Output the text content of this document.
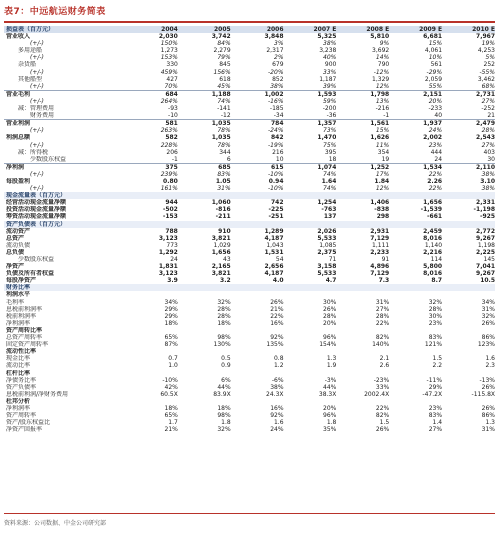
表7：中远航运财务简表
损益表（百万元）	2004	2005	2006	2007 E	2008 E	2009 E	2010 E
营业收入	2,030	3,742	3,848	5,325	5,810	6,681	7,967
(+/-)	150%	84%	3%	38%	9%	15%	19%
多用途船	1,273	2,279	2,317	3,238	3,692	4,061	4,253
(+/-)	153%	79%	2%	40%	14%	10%	5%
杂货船	330	845	679	900	790	561	252
(+/-)	459%	156%	-20%	33%	-12%	-29%	-55%
其他船型	427	618	852	1,187	1,329	2,059	3,462
(+/-)	70%	45%	38%	39%	12%	55%	68%
营业毛利	684	1,188	1,002	1,593	1,798	2,151	2,731
(+/-)	264%	74%	-16%	59%	13%	20%	27%
减：管理费用	-93	-141	-185	-200	-216	-233	-252
财务费用	-10	-12	-34	-36	-1	40	21
营业利润	581	1,035	784	1,357	1,561	1,937	2,479
(+/-)	263%	78%	-24%	73%	15%	24%	28%
利润总额	582	1,035	842	1,470	1,626	2,002	2,543
(+/-)	228%	78%	-19%	75%	11%	23%	27%
减：所得税	206	344	216	395	354	444	403
少数股东权益	-1	6	10	18	19	24	30
净利润	375	685	615	1,074	1,252	1,534	2,110
(+/-)	239%	83%	-10%	74%	17%	22%	38%
每股盈利	0.80	1.05	0.94	1.64	1.84	2.26	3.10
(+/-)	161%	31%	-10%	74%	12%	22%	38%
现金流量表（百万元）							
经营活动现金流量净额	944	1,060	742	1,254	1,406	1,656	2,331
投资活动现金流量净额	-502	-816	-225	-763	-838	-1,539	-1,198
筹资活动现金流量净额	-153	-211	-251	137	298	-661	-925
资产负债表（百万元）							
流动资产	788	910	1,289	2,026	2,931	2,459	2,772
总资产	3,123	3,821	4,187	5,533	7,129	8,016	9,267
流动负债	773	1,029	1,043	1,085	1,111	1,140	1,198
总负债	1,292	1,656	1,531	2,375	2,233	2,216	2,225
少数股东权益	24	43	54	71	91	114	145
净资产	1,831	2,165	2,656	3,158	4,896	5,800	7,041
负债及所有者权益	3,123	3,821	4,187	5,533	7,129	8,016	9,267
每股净资产	3.9	3.2	4.0	4.7	7.3	8.7	10.5
财务比率							
利润水平							
毛利率	34%	32%	26%	30%	31%	32%	34%
息税前利润率	29%	28%	21%	26%	27%	28%	31%
税前利润率	29%	28%	22%	28%	28%	30%	32%
净利润率	18%	18%	16%	20%	22%	23%	26%
资产周转比率							
总资产周转率	65%	98%	92%	96%	82%	83%	86%
固定资产周转率	87%	130%	135%	154%	140%	121%	123%
流动性比率							
现金比率	0.7	0.5	0.8	1.3	2.1	1.5	1.6
流动比率	1.0	0.9	1.2	1.9	2.6	2.2	2.3
杠杆比率							
净债务比率	-10%	6%	-6%	-3%	-23%	-11%	-13%
资产负债率	42%	44%	38%	44%	33%	29%	26%
息税前利润/净财务费用	60.5X	83.9X	24.3X	38.3X	2002.4X	-47.2X	-115.8X
杜邦分析							
净利润率	18%	18%	16%	20%	22%	23%	26%
资产周转率	65%	98%	92%	96%	82%	83%	86%
资产/股东权益比	1.7	1.8	1.6	1.8	1.5	1.4	1.3
净资产回报率	21%	32%	24%	35%	26%	27%	31%
资料来源：公司数据、中金公司研究部
